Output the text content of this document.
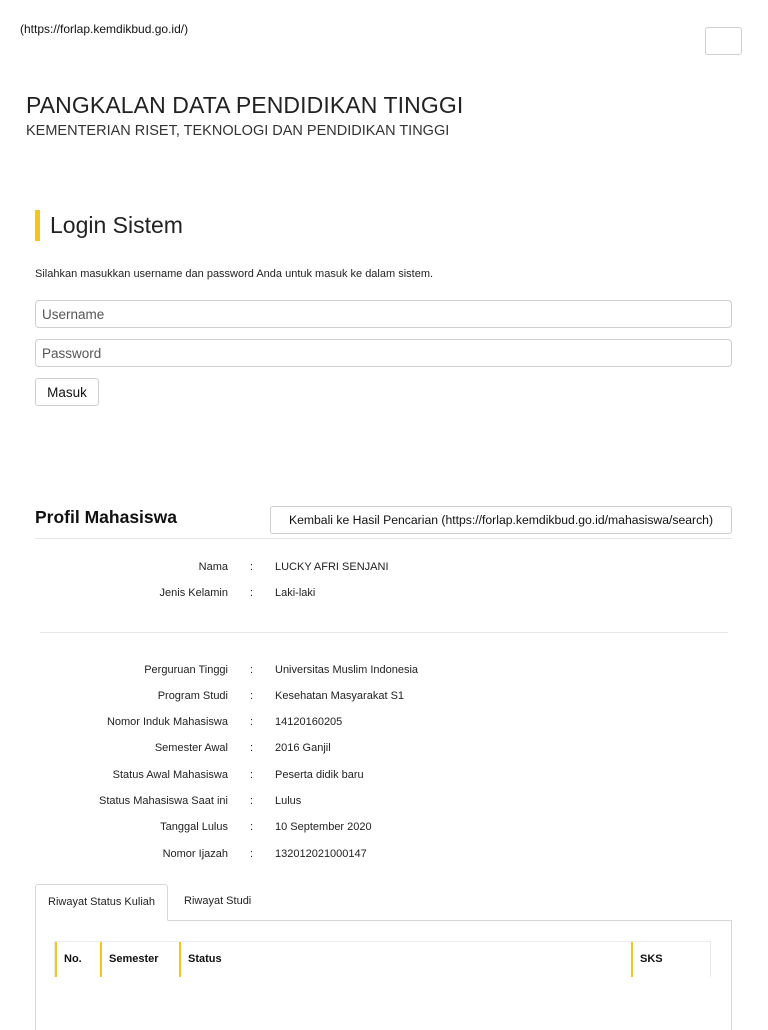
(https://forlap.kemdikbud.go.id/)
PANGKALAN DATA PENDIDIKAN TINGGI
KEMENTERIAN RISET, TEKNOLOGI DAN PENDIDIKAN TINGGI
Login Sistem
Silahkan masukkan username dan password Anda untuk masuk ke dalam sistem.
Username
Masuk
Profil Mahasiswa	Kembali ke Hasil Pencarian (https://forlap.kemdikbud.go.id/mahasiswa/search)
Nama : LUCKY AFRI SENJANI
Jenis Kelamin : Laki-laki
Perguruan Tinggi : Universitas Muslim Indonesia
Program Studi : Kesehatan Masyarakat S1
Nomor Induk Mahasiswa : 14120160205
Semester Awal : 2016 Ganjil
Status Awal Mahasiswa : Peserta didik baru
Status Mahasiswa Saat ini : Lulus
Tanggal Lulus : 10 September 2020
Nomor Ijazah : 132012021000147
Riwayat Status Kuliah	Riwayat Studi
No.	Semester	Status	SKS
